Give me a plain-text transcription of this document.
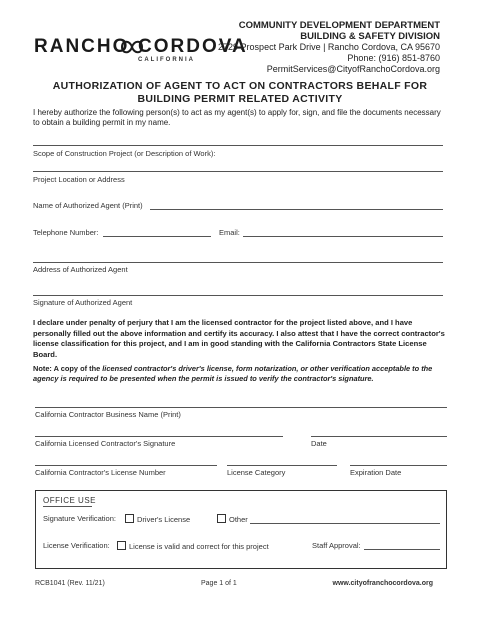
RANCHO CORDOVA
CALIFORNIA
COMMUNITY DEVELOPMENT DEPARTMENT
BUILDING & SAFETY DIVISION
2729 Prospect Park Drive | Rancho Cordova, CA 95670
Phone: (916) 851-8760
PermitServices@CityofRanchoCordova.org
AUTHORIZATION OF AGENT TO ACT ON CONTRACTORS BEHALF FOR
BUILDING PERMIT RELATED ACTIVITY
I hereby authorize the following person(s) to act as my agent(s) to apply for, sign, and file the documents necessary to obtain a building permit in my name.
Scope of Construction Project (or Description of Work):
Project Location or Address
Name of Authorized Agent (Print)
Telephone Number:	Email:
Address of Authorized Agent
Signature of Authorized Agent
I declare under penalty of perjury that I am the licensed contractor for the project listed above, and I have personally filled out the above information and certify its accuracy. I also attest that I have the correct contractor's license classification for this project, and I am in good standing with the California Contractors State License Board.
Note: A copy of the licensed contractor's driver's license, form notarization, or other verification acceptable to the agency is required to be presented when the permit is issued to verify the contractor's signature.
California Contractor Business Name (Print)
California Licensed Contractor's Signature	Date
California Contractor's License Number	License Category	Expiration Date
OFFICE USE
Signature Verification:	Driver's License	Other
License Verification:	License is valid and correct for this project	Staff Approval:
RCB1041 (Rev. 11/21)	Page 1 of 1	www.cityofranchocordova.org
